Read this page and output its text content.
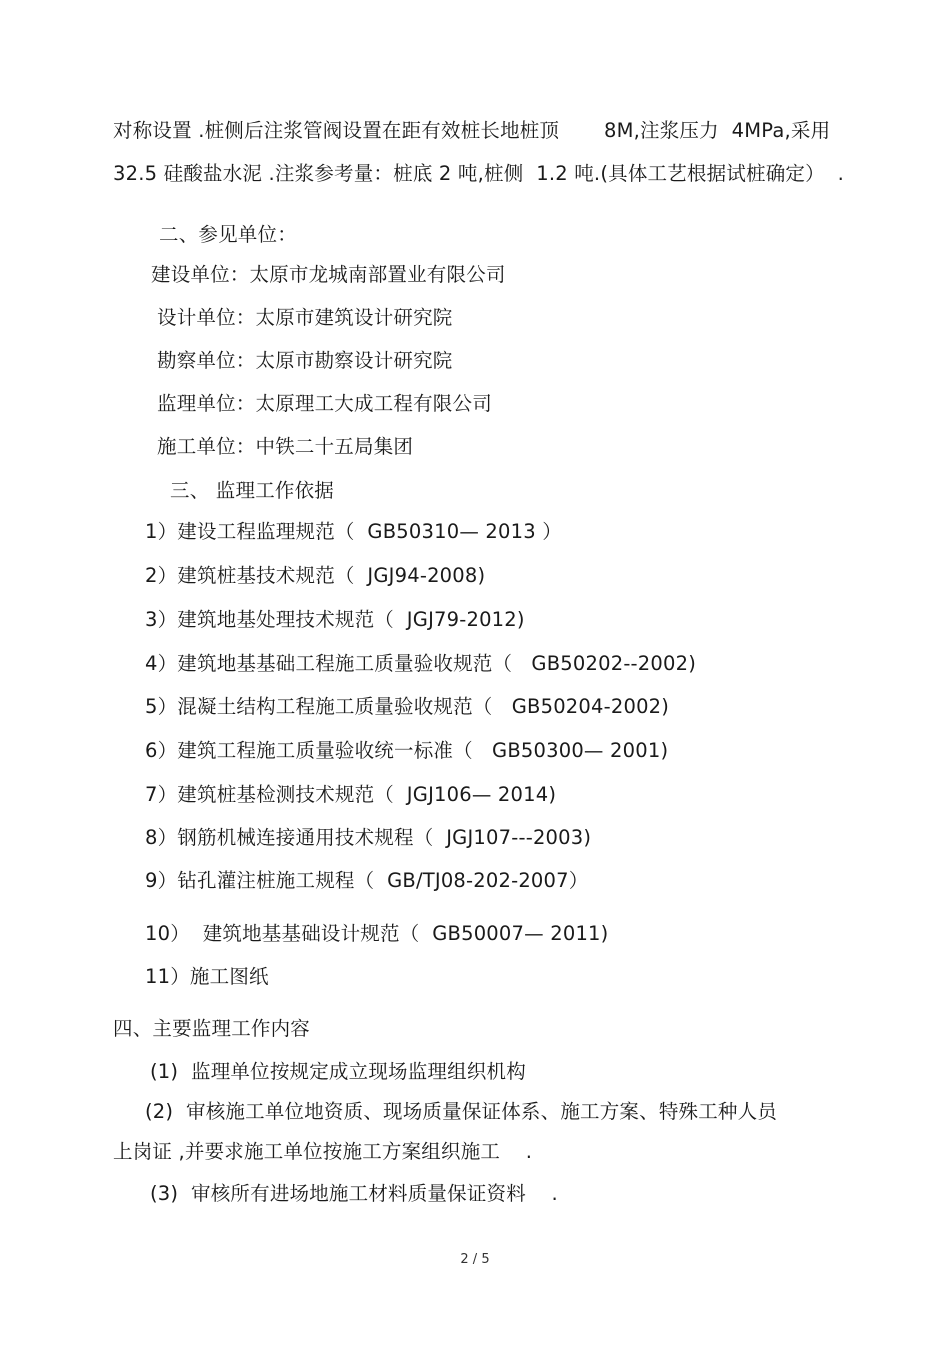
对称设置 .桩侧后注浆管阀设置在距有效桩长地桩顶       8M,注浆压力  4MPa,采用
32.5 硅酸盐水泥 .注浆参考量：桩底 2 吨,桩侧  1.2 吨.(具体工艺根据试桩确定）  .
二、参见单位：
建设单位：太原市龙城南部置业有限公司
设计单位：太原市建筑设计研究院
勘察单位：太原市勘察设计研究院
监理单位：太原理工大成工程有限公司
施工单位：中铁二十五局集团
三、 监理工作依据
1）建设工程监理规范（  GB50310— 2013 ）
2）建筑桩基技术规范（  JGJ94-2008)
3）建筑地基处理技术规范（  JGJ79-2012)
4）建筑地基基础工程施工质量验收规范（   GB50202--2002)
5）混凝土结构工程施工质量验收规范（   GB50204-2002)
6）建筑工程施工质量验收统一标准（   GB50300— 2001)
7）建筑桩基检测技术规范（  JGJ106— 2014)
8）钢筋机械连接通用技术规程（  JGJ107---2003)
9）钻孔灌注桩施工规程（  GB/TJ08-202-2007）
10）  建筑地基基础设计规范（  GB50007— 2011)
11）施工图纸
四、主要监理工作内容
(1)  监理单位按规定成立现场监理组织机构
(2)  审核施工单位地资质、现场质量保证体系、施工方案、特殊工种人员
上岗证 ,并要求施工单位按施工方案组织施工    .
(3)  审核所有进场地施工材料质量保证资料    .
2 / 5
